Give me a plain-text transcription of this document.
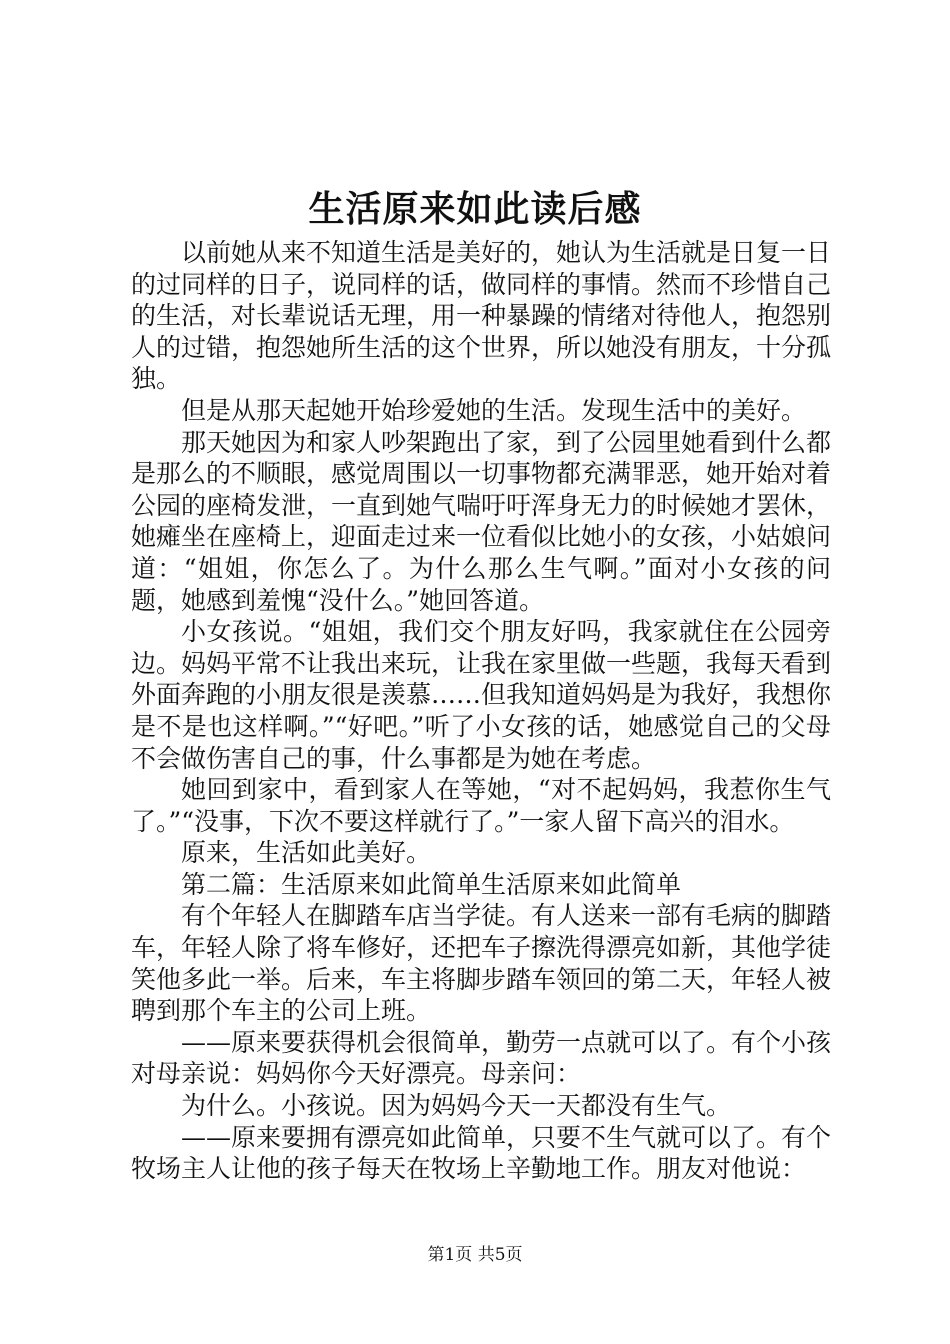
生活原来如此读后感

以前她从来不知道生活是美好的，她认为生活就是日复一日的过同样的日子，说同样的话，做同样的事情。然而不珍惜自己的生活，对长辈说话无理，用一种暴躁的情绪对待他人，抱怨别人的过错，抱怨她所生活的这个世界，所以她没有朋友，十分孤独。

但是从那天起她开始珍爱她的生活。发现生活中的美好。

那天她因为和家人吵架跑出了家，到了公园里她看到什么都是那么的不顺眼，感觉周围以一切事物都充满罪恶，她开始对着公园的座椅发泄，一直到她气喘吁吁浑身无力的时候她才罢休，她瘫坐在座椅上，迎面走过来一位看似比她小的女孩，小姑娘问道：“姐姐，你怎么了。为什么那么生气啊。”面对小女孩的问题，她感到羞愧“没什么。”她回答道。

小女孩说。“姐姐，我们交个朋友好吗，我家就住在公园旁边。妈妈平常不让我出来玩，让我在家里做一些题，我每天看到外面奔跑的小朋友很是羡慕……但我知道妈妈是为我好，我想你是不是也这样啊。”“好吧。”听了小女孩的话，她感觉自己的父母不会做伤害自己的事，什么事都是为她在考虑。

她回到家中，看到家人在等她，“对不起妈妈，我惹你生气了。”“没事，下次不要这样就行了。”一家人留下高兴的泪水。

原来，生活如此美好。

第二篇：生活原来如此简单生活原来如此简单

有个年轻人在脚踏车店当学徒。有人送来一部有毛病的脚踏车，年轻人除了将车修好，还把车子擦洗得漂亮如新，其他学徒笑他多此一举。后来，车主将脚步踏车领回的第二天，年轻人被聘到那个车主的公司上班。

——原来要获得机会很简单，勤劳一点就可以了。有个小孩对母亲说：妈妈你今天好漂亮。母亲问：

为什么。小孩说。因为妈妈今天一天都没有生气。

——原来要拥有漂亮如此简单，只要不生气就可以了。有个牧场主人让他的孩子每天在牧场上辛勤地工作。朋友对他说：

第1页 共5页
